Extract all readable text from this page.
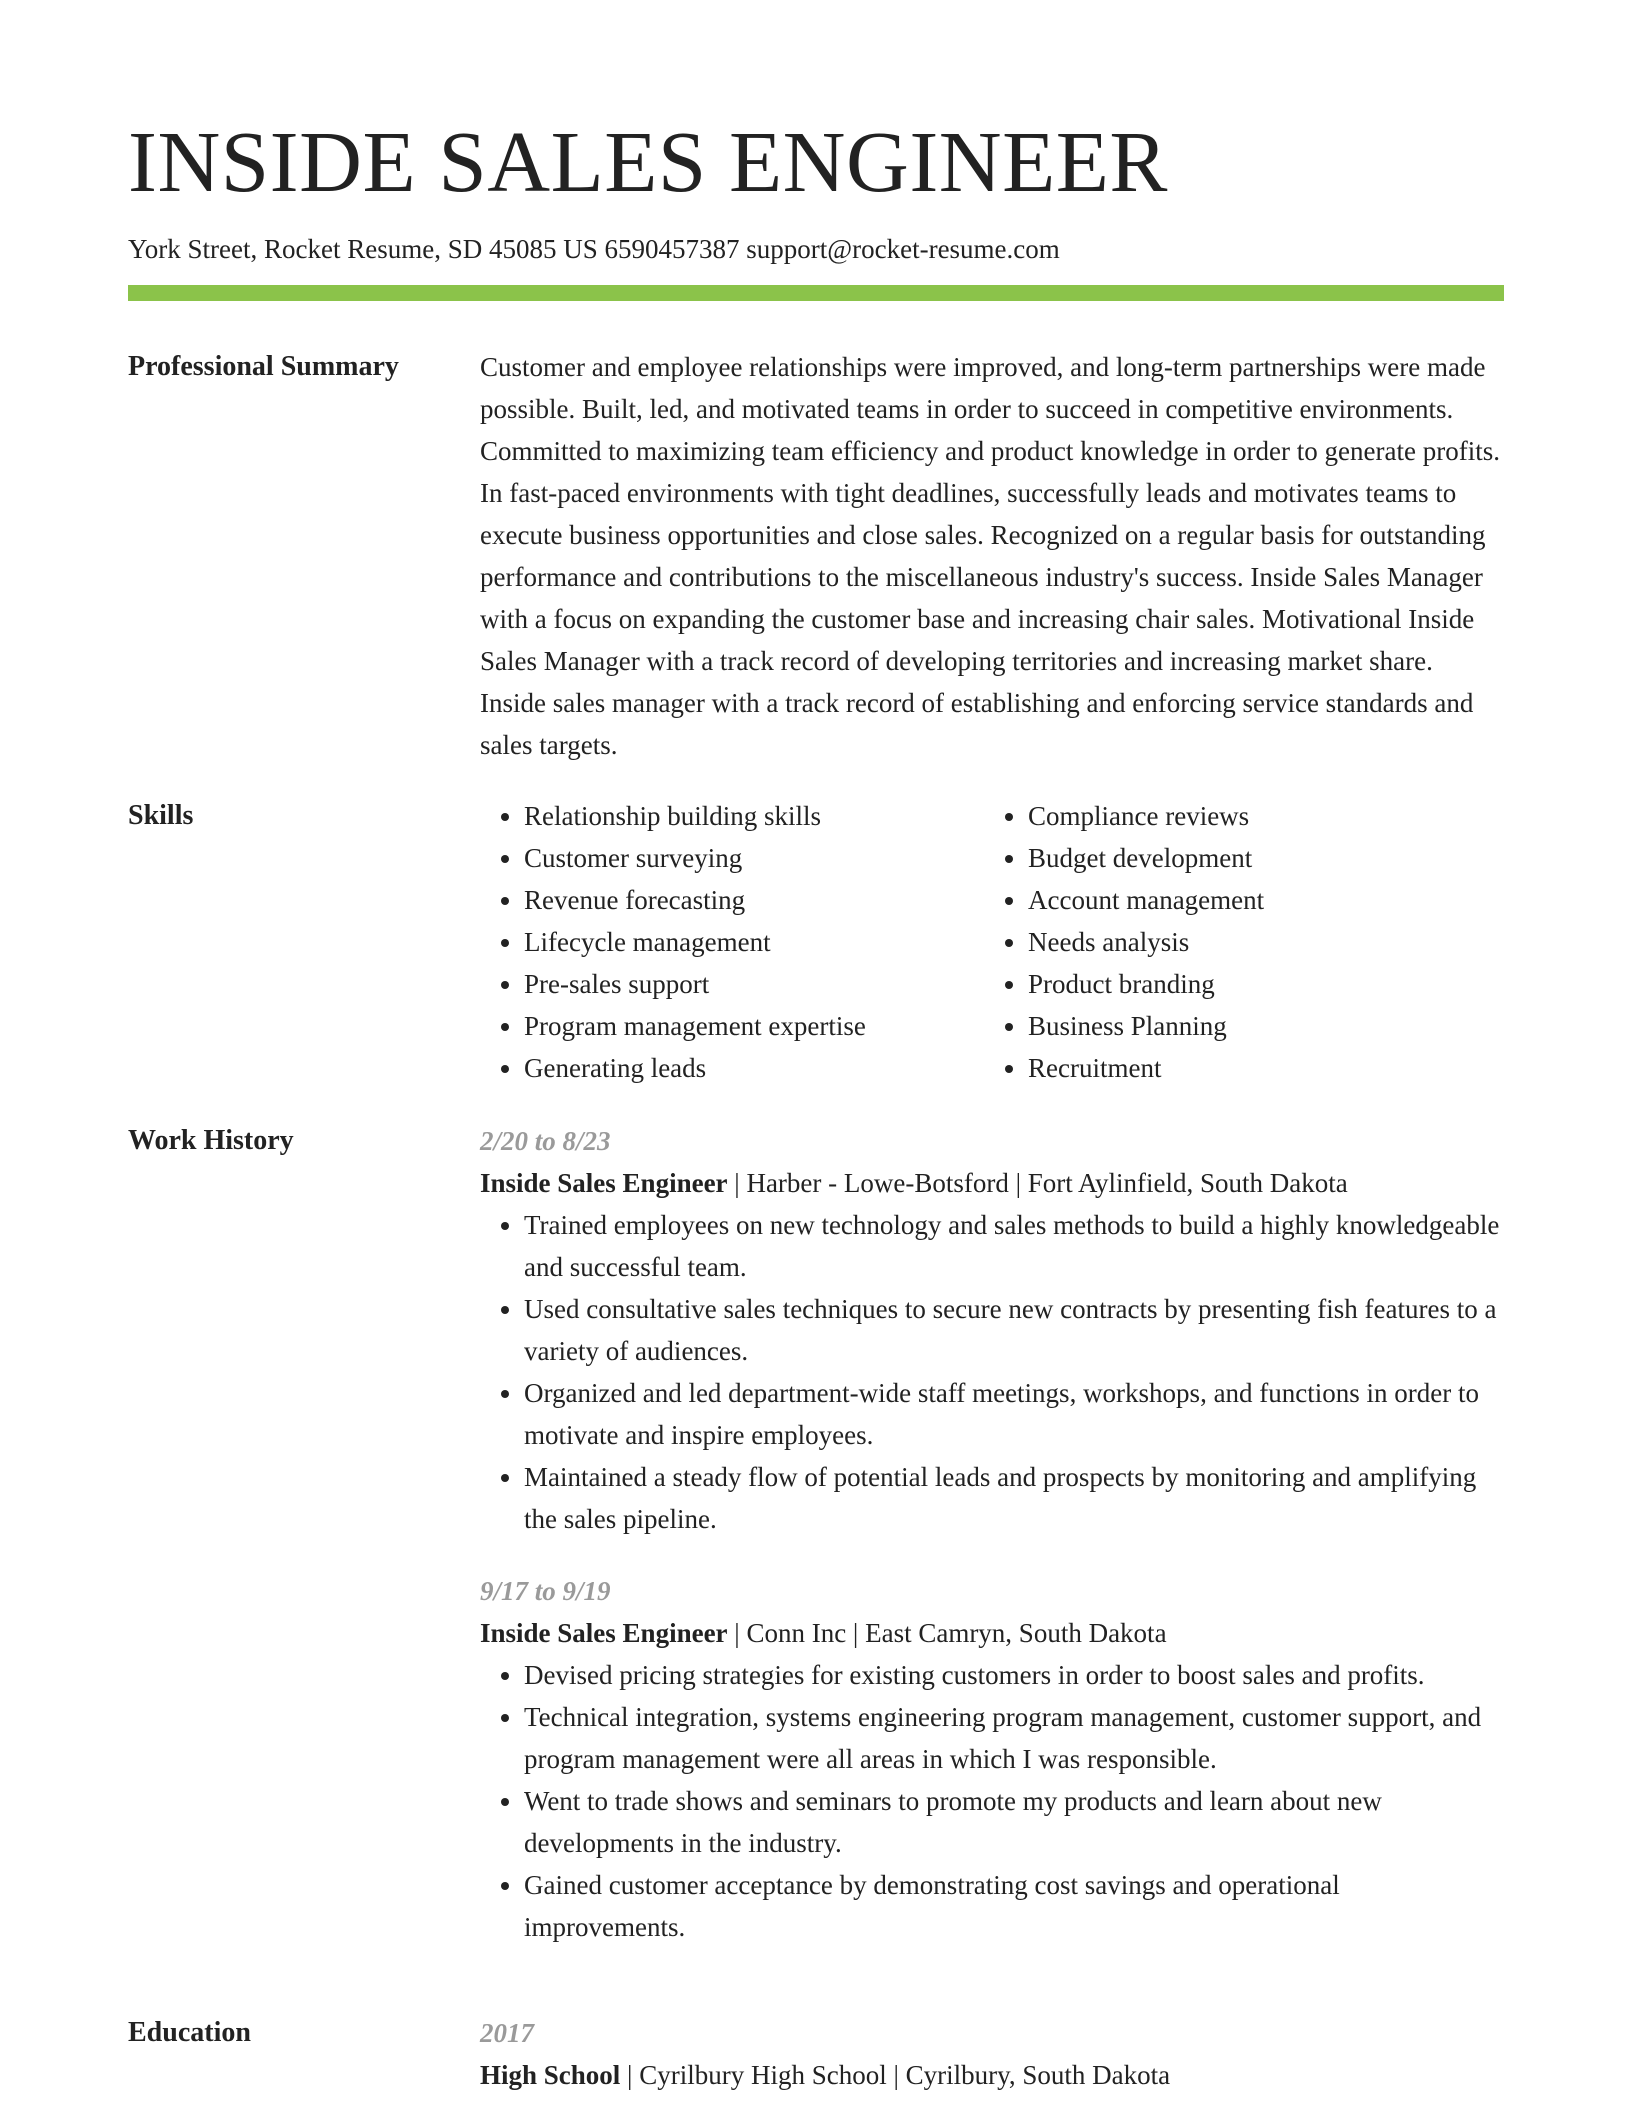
INSIDE SALES ENGINEER
York Street, Rocket Resume, SD 45085 US 6590457387 support@rocket-resume.com
Professional Summary	Customer and employee relationships were improved, and long-term partnerships were made possible. Built, led, and motivated teams in order to succeed in competitive environments. Committed to maximizing team efficiency and product knowledge in order to generate profits. In fast-paced environments with tight deadlines, successfully leads and motivates teams to execute business opportunities and close sales. Recognized on a regular basis for outstanding performance and contributions to the miscellaneous industry's success. Inside Sales Manager with a focus on expanding the customer base and increasing chair sales. Motivational Inside Sales Manager with a track record of developing territories and increasing market share. Inside sales manager with a track record of establishing and enforcing service standards and sales targets.

Skills
•	Relationship building skills
• Customer surveying
• Revenue forecasting
• Lifecycle management
• Pre-sales support
• Program management expertise
• Generating leads
• Compliance reviews
• Budget development
• Account management
• Needs analysis
• Product branding
• Business Planning
• Recruitment
Work History	2/20 to 8/23
Inside Sales Engineer | Harber - Lowe-Botsford | Fort Aylinfield, South Dakota
• Trained employees on new technology and sales methods to build a highly knowledgeable and successful team.
• Used consultative sales techniques to secure new contracts by presenting fish features to a variety of audiences.
• Organized and led department-wide staff meetings, workshops, and functions in order to motivate and inspire employees.
• Maintained a steady flow of potential leads and prospects by monitoring and amplifying the sales pipeline.
9/17 to 9/19
Inside Sales Engineer | Conn Inc | East Camryn, South Dakota
• Devised pricing strategies for existing customers in order to boost sales and profits.
• Technical integration, systems engineering program management, customer support, and program management were all areas in which I was responsible.
• Went to trade shows and seminars to promote my products and learn about new developments in the industry.
• Gained customer acceptance by demonstrating cost savings and operational improvements.
Education	2017
High School | Cyrilbury High School | Cyrilbury, South Dakota
